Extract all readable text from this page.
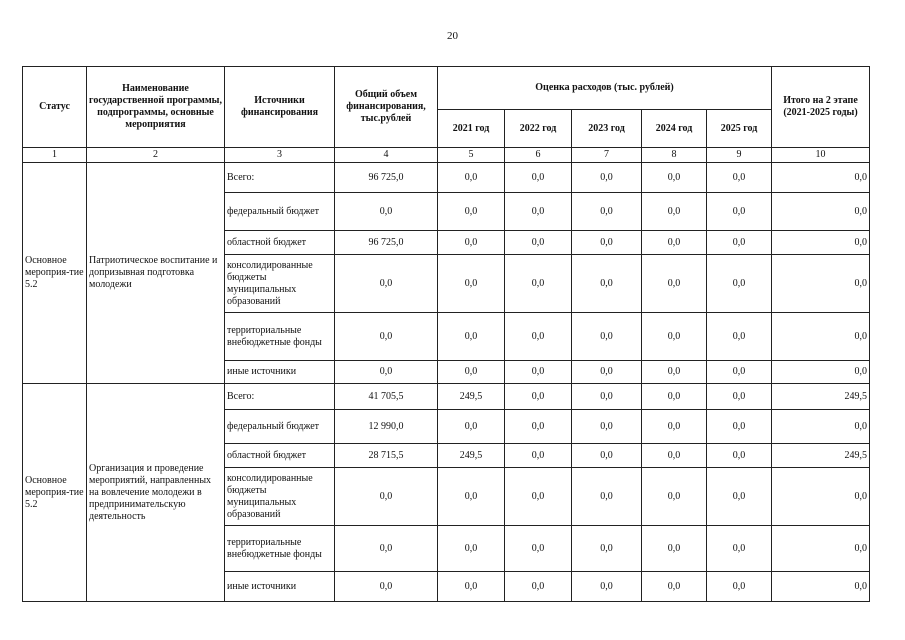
20
Статус	Наименование государственной программы, подпрограммы, основные мероприятия	Источники финансирования	Общий объем финансирования, тыс.рублей	Оценка расходов (тыс. рублей)					Итого на 2 этапе (2021-2025 годы)
				2021 год	2022 год	2023 год	2024 год	2025 год	
1	2	3	4	5	6	7	8	9	10
Основное мероприя-тие 5.2	Патриотическое воспитание и допризывная подготовка молодежи	Всего:	96 725,0	0,0	0,0	0,0	0,0	0,0	0,0
		федеральный бюджет	0,0	0,0	0,0	0,0	0,0	0,0	0,0
		областной бюджет	96 725,0	0,0	0,0	0,0	0,0	0,0	0,0
		консолидированные бюджеты муниципальных образований	0,0	0,0	0,0	0,0	0,0	0,0	0,0
		территориальные внебюджетные фонды	0,0	0,0	0,0	0,0	0,0	0,0	0,0
		иные источники	0,0	0,0	0,0	0,0	0,0	0,0	0,0
Основное мероприя-тие 5.2	Организация и проведение мероприятий, направленных на вовлечение молодежи в предпринимательскую деятельность	Всего:	41 705,5	249,5	0,0	0,0	0,0	0,0	249,5
		федеральный бюджет	12 990,0	0,0	0,0	0,0	0,0	0,0	0,0
		областной бюджет	28 715,5	249,5	0,0	0,0	0,0	0,0	249,5
		консолидированные бюджеты муниципальных образований	0,0	0,0	0,0	0,0	0,0	0,0	0,0
		территориальные внебюджетные фонды	0,0	0,0	0,0	0,0	0,0	0,0	0,0
		иные источники	0,0	0,0	0,0	0,0	0,0	0,0	0,0
